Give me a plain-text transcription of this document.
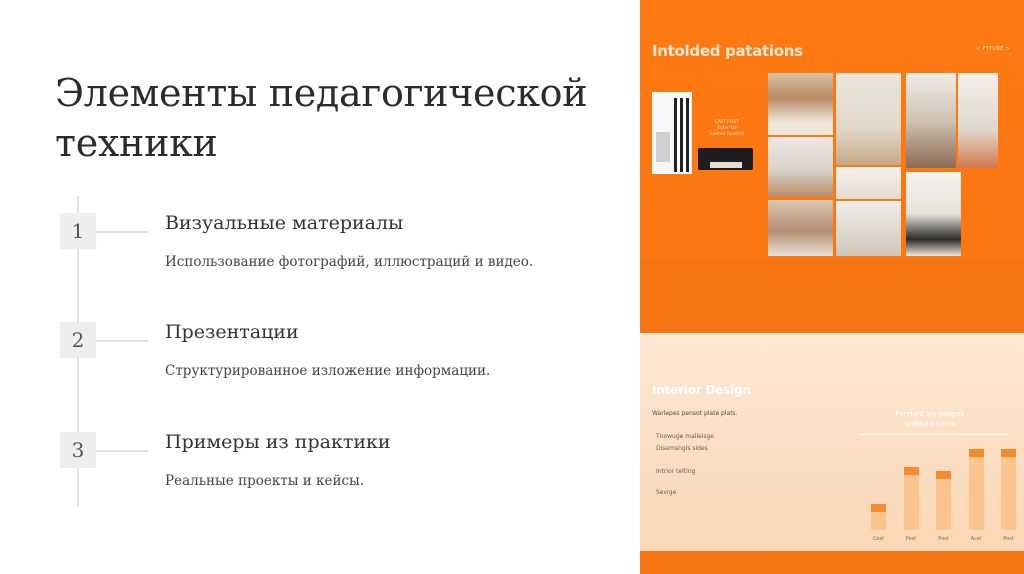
Элементы педагогической техники
1	Визуальные материалы
Использование фотографий, иллюстраций и видео.
2	Презентации
Структурированное изложение информации.
3	Примеры из практики
Реальные проекты и кейсы.
Intolded patations	< FTTURE >
CNIT POST
Euler tet
intered fasetott
Interior Design
Warlepes pensot plate plats.
Tnowuge malleisge
Disemsngls sides
Intrior telting
Sevige
Parelght xis proipds
projecta neins
Cost	Post	Post	Acst	Post
